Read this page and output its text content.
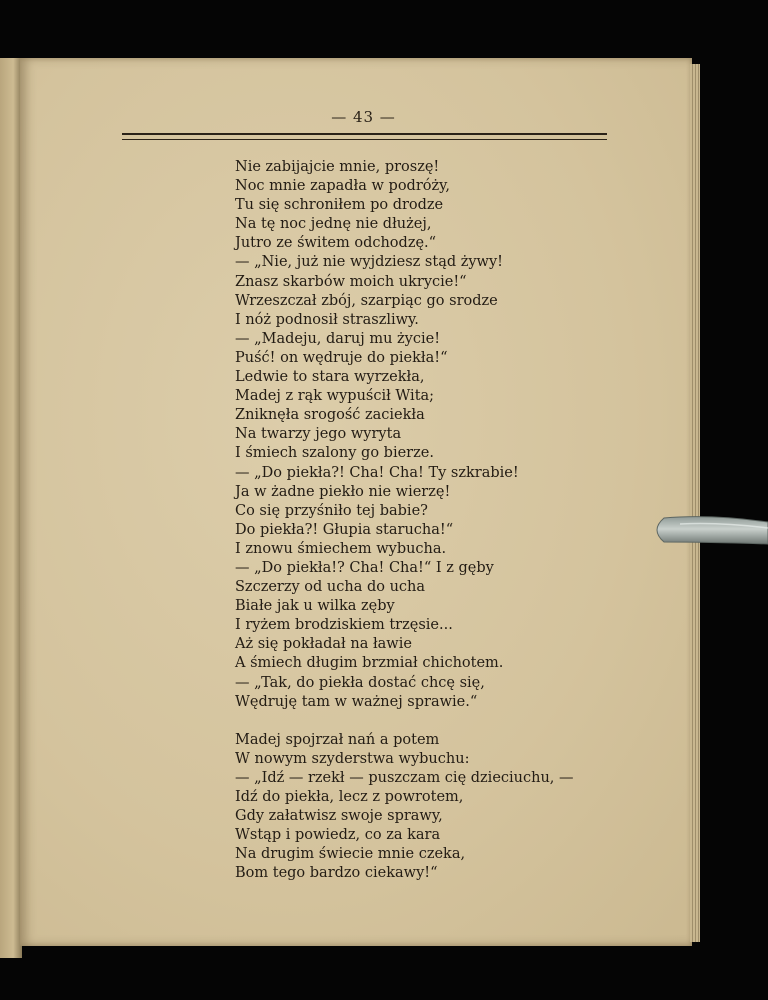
— 43 —
Nie zabijajcie mnie, proszę!
Noc mnie zapadła w podróży,
Tu się schroniłem po drodze
Na tę noc jednę nie dłużej,
Jutro ze świtem odchodzę.“
— „Nie, już nie wyjdziesz stąd żywy!
Znasz skarbów moich ukrycie!“
Wrzeszczał zbój, szarpiąc go srodze
I nóż podnosił straszliwy.
— „Madeju, daruj mu życie!
Puść! on wędruje do piekła!“
Ledwie to stara wyrzekła,
Madej z rąk wypuścił Wita;
Zniknęła srogość zaciekła
Na twarzy jego wyryta
I śmiech szalony go bierze.
— „Do piekła?! Cha! Cha! Ty szkrabie!
Ja w żadne piekło nie wierzę!
Co się przyśniło tej babie?
Do piekła?! Głupia starucha!“
I znowu śmiechem wybucha.
— „Do piekła!? Cha! Cha!“ I z gęby
Szczerzy od ucha do ucha
Białe jak u wilka zęby
I ryżem brodziskiem trzęsie...
Aż się pokładał na ławie
A śmiech długim brzmiał chichotem.
— „Tak, do piekła dostać chcę się,
Wędruję tam w ważnej sprawie.“
Madej spojrzał nań a potem
W nowym szyderstwa wybuchu:
— „Idź — rzekł — puszczam cię dzieciuchu, —
Idź do piekła, lecz z powrotem,
Gdy załatwisz swoje sprawy,
Wstąp i powiedz, co za kara
Na drugim świecie mnie czeka,
Bom tego bardzo ciekawy!“
